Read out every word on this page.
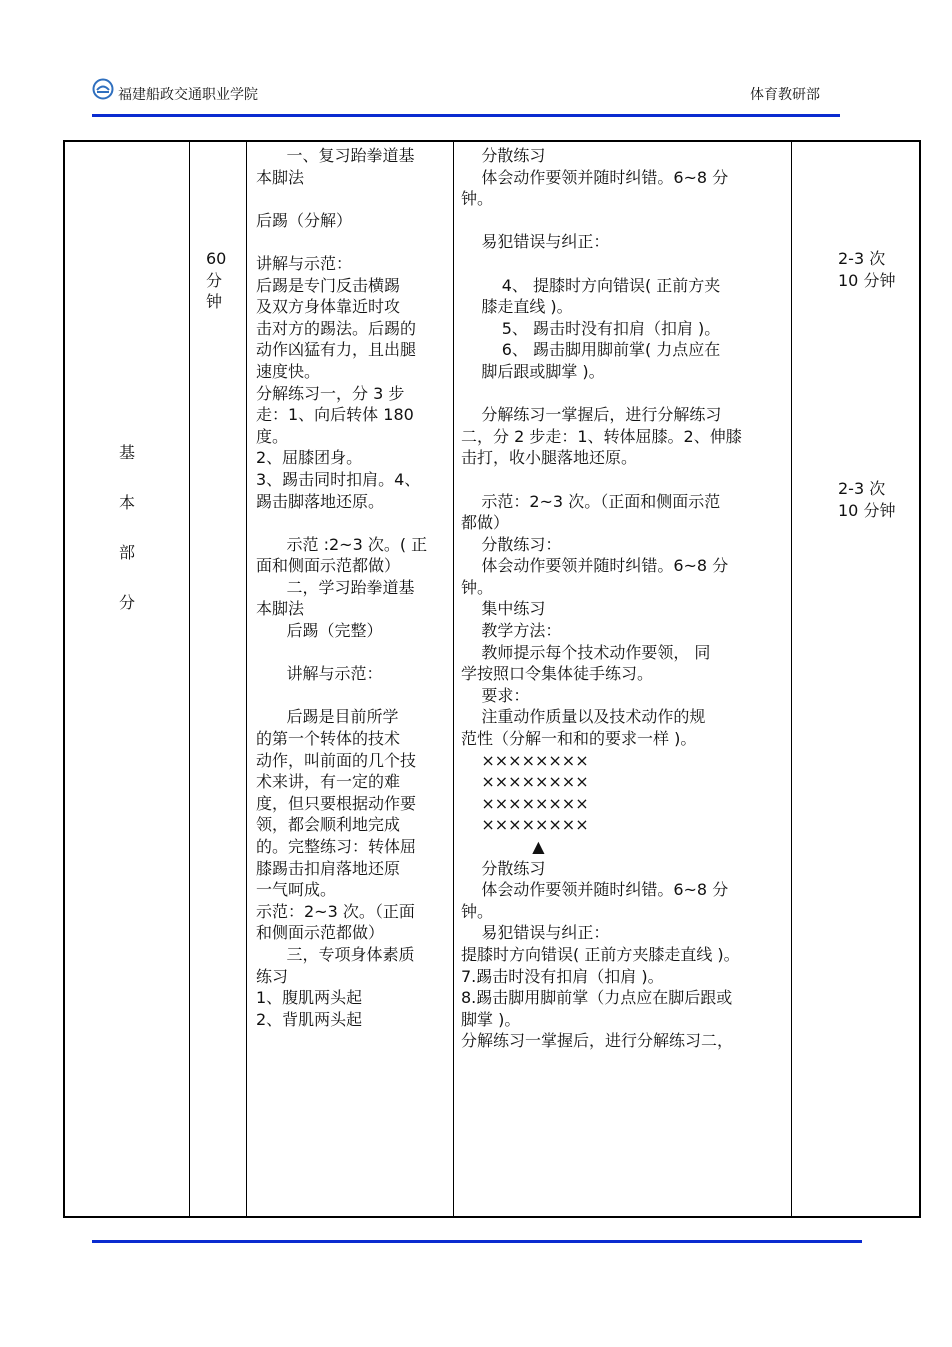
福建船政交通职业学院	体育教研部
基
本
部
分
60
分
钟
一、复习跆拳道基
本脚法
后踢（分解）
讲解与示范：
后踢是专门反击横踢
及双方身体靠近时攻
击对方的踢法。后踢的
动作凶猛有力，且出腿
速度快。
分解练习一，分 3 步
走：1、向后转体 180
度。
2、屈膝团身。
3、踢击同时扣肩。4、
踢击脚落地还原。
示范 :2~3 次。( 正
面和侧面示范都做）
二，学习跆拳道基
本脚法
后踢（完整）
讲解与示范：
后踢是目前所学
的第一个转体的技术
动作，叫前面的几个技
术来讲，有一定的难
度，但只要根据动作要
领，都会顺利地完成
的。完整练习：转体屈
膝踢击扣肩落地还原
一气呵成。
示范：2~3 次。（正面
和侧面示范都做）
三，专项身体素质
练习
1、腹肌两头起
2、背肌两头起
分散练习
体会动作要领并随时纠错。6~8 分
钟。
易犯错误与纠正：
4、 提膝时方向错误( 正前方夹
膝走直线 )。
5、 踢击时没有扣肩（扣肩 )。
6、 踢击脚用脚前掌( 力点应在
脚后跟或脚掌 )。
分解练习一掌握后，进行分解练习
二，分 2 步走：1、转体屈膝。2、伸膝
击打，收小腿落地还原。
示范：2~3 次。（正面和侧面示范
都做）
分散练习：
体会动作要领并随时纠错。6~8 分
钟。
集中练习
教学方法：
教师提示每个技术动作要领， 同
学按照口令集体徒手练习。
要求：
注重动作质量以及技术动作的规
范性（分解一和和的要求一样 )。
××××××××
××××××××
××××××××
××××××××
▲
分散练习
体会动作要领并随时纠错。6~8 分
钟。
易犯错误与纠正：
提膝时方向错误( 正前方夹膝走直线 )。
7.踢击时没有扣肩（扣肩 )。
8.踢击脚用脚前掌（力点应在脚后跟或
脚掌 )。
分解练习一掌握后，进行分解练习二，
2-3 次
10 分钟
2-3 次
10 分钟
